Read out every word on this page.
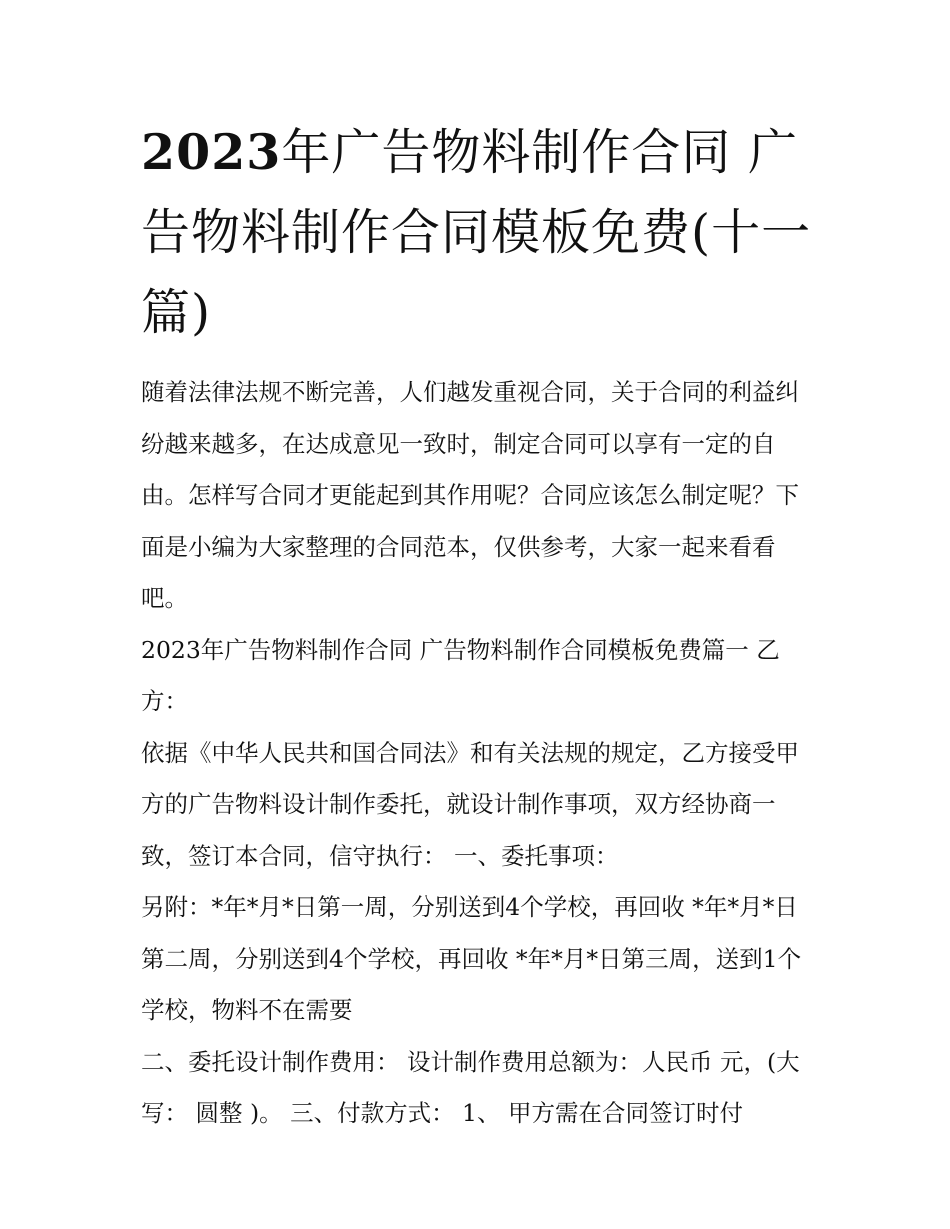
2023年广告物料制作合同 广告物料制作合同模板免费(十一篇)

随着法律法规不断完善，人们越发重视合同，关于合同的利益纠纷越来越多，在达成意见一致时，制定合同可以享有一定的自由。怎样写合同才更能起到其作用呢？合同应该怎么制定呢？下面是小编为大家整理的合同范本，仅供参考，大家一起来看看吧。

2023年广告物料制作合同 广告物料制作合同模板免费篇一 乙方：

依据《中华人民共和国合同法》和有关法规的规定，乙方接受甲方的广告物料设计制作委托，就设计制作事项，双方经协商一致，签订本合同，信守执行： 一、委托事项：

另附：*年*月*日第一周，分别送到4个学校，再回收 *年*月*日第二周，分别送到4个学校，再回收 *年*月*日第三周，送到1个学校，物料不在需要

二、委托设计制作费用： 设计制作费用总额为：人民币 元，(大写： 圆整 )。 三、付款方式： 1、 甲方需在合同签订时付
